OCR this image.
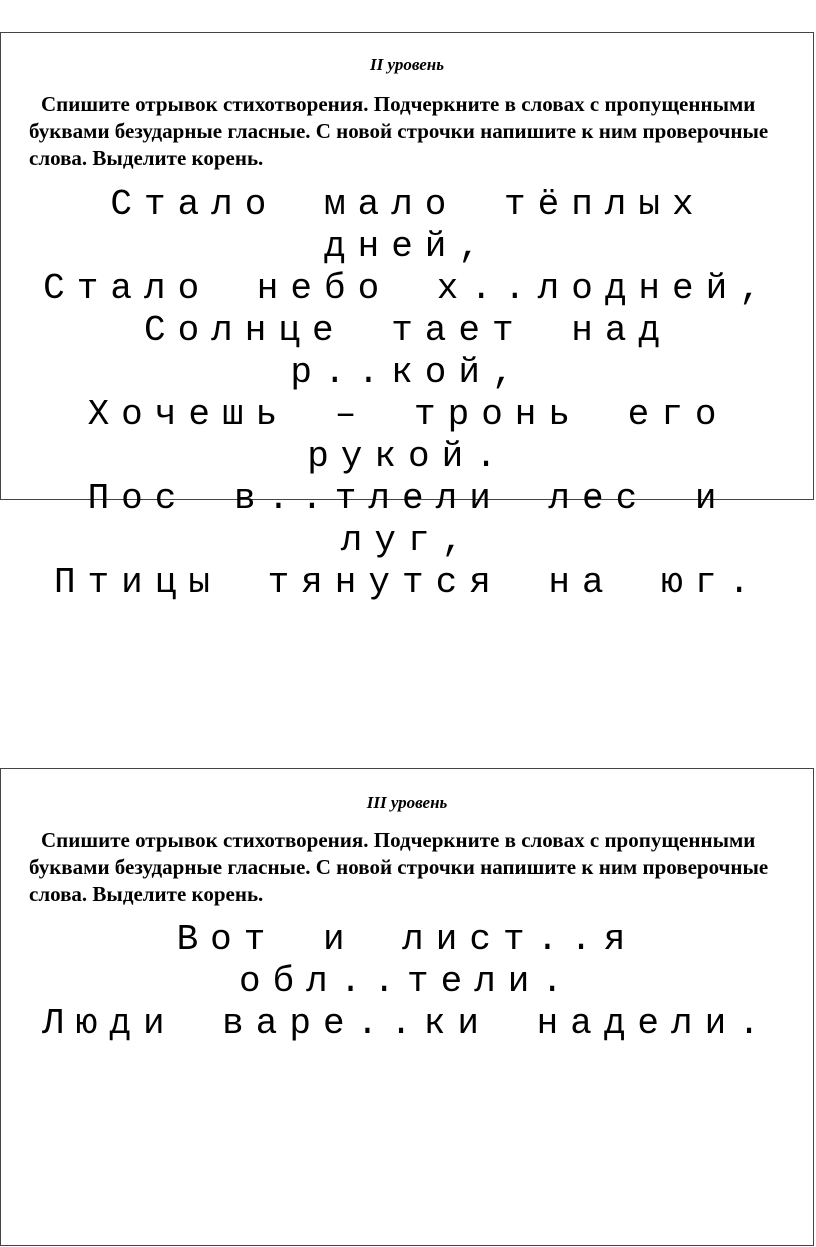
II уровень
Спишите отрывок стихотворения. Подчеркните в словах с пропущенными буквами безударные гласные. С новой строчки напишите к ним проверочные слова. Выделите корень.
Стало мало тёплых дней,
Стало небо х..лодней,
Солнце тает над р..кой,
Хочешь – тронь его рукой.
Пос в..тлели лес и луг,
Птицы тянутся на юг.
III уровень
Спишите отрывок стихотворения. Подчеркните в словах с пропущенными буквами безударные гласные. С новой строчки напишите к ним проверочные слова. Выделите корень.
Вот и лист..я обл..тели.
Люди варе..ки надели.
